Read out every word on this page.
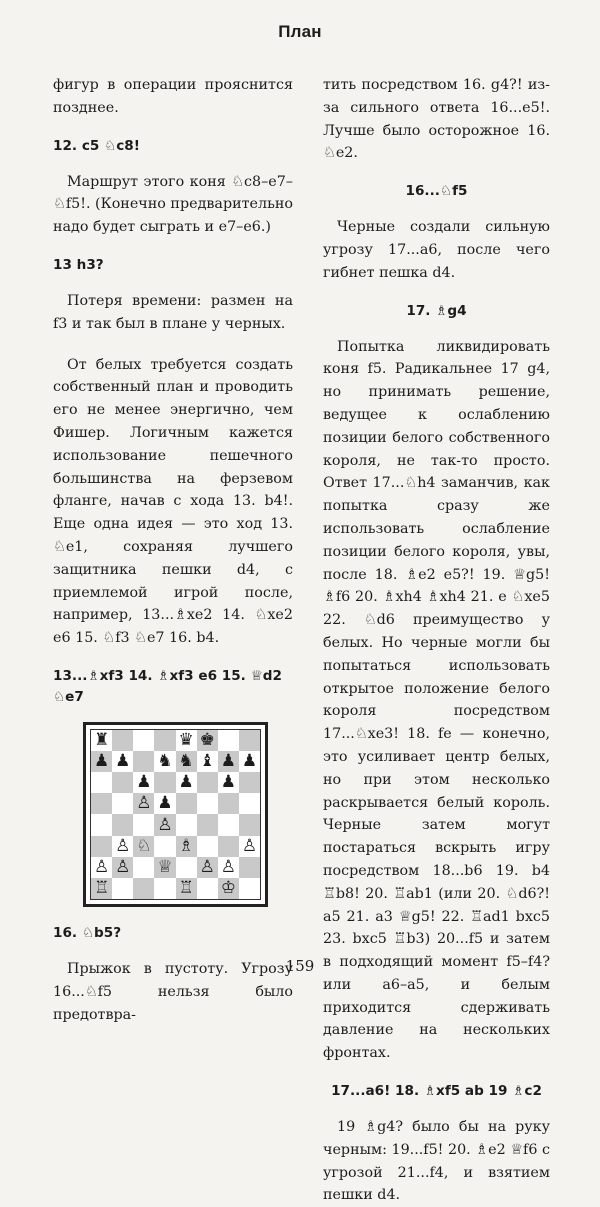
План

фигур в операции прояснится позднее.

12. c5 ♘c8!

Маршрут этого коня ♘c8–e7–♘f5!. (Конечно предварительно надо будет сыграть и е7–е6.)

13 h3?

Потеря времени: размен на f3 и так был в плане у черных.

От белых требуется создать собственный план и проводить его не менее энергично, чем Фишер. Логичным кажется использование пешечного большинства на ферзевом фланге, начав с хода 13. b4!. Еще одна идея — это ход 13. ♘e1, сохраняя лучшего защитника пешки d4, с приемлемой игрой после, например, 13...♗xe2 14. ♘xe2 e6 15. ♘f3 ♘e7 16. b4.

13...♗xf3 14. ♗xf3 e6 15. ♕d2 ♘e7
♜	♛ ♚
♟ ♟ ♞ ♞ ♝ ♟ ♟
♟ ♟ ♟
♙ ♟
♙
♙ ♘ ♗	♙
♙ ♙ ♕ ♙ ♙
♖	♖ ♔
16. ♘b5?

Прыжок в пустоту. Угрозу 16...♘f5 нельзя было предотвра-

тить посредством 16. g4?! из-за сильного ответа 16...e5!. Лучше было осторожное 16. ♘e2.

16...♘f5

Черные создали сильную угрозу 17...a6, после чего гибнет пешка d4.

17. ♗g4

Попытка ликвидировать коня f5. Радикальнее 17 g4, но принимать решение, ведущее к ослаблению позиции белого собственного короля, не так-то просто. Ответ 17...♘h4 заманчив, как попытка сразу же использовать ослабление позиции белого короля, увы, после 18. ♗e2 e5?! 19. ♕g5! ♗f6 20. ♗xh4 ♗xh4 21. e ♘xe5 22. ♘d6 преимущество у белых. Но черные могли бы попытаться использовать открытое положение белого короля посредством 17...♘xe3! 18. fe — конечно, это усиливает центр белых, но при этом несколько раскрывается белый король. Черные затем могут постараться вскрыть игру посредством 18...b6 19. b4 ♖b8! 20. ♖ab1 (или 20. ♘d6?! a5 21. a3 ♕g5! 22. ♖ad1 bxc5 23. bxc5 ♖b3) 20...f5 и затем в подходящий момент f5–f4? или a6–a5, и белым приходится сдерживать давление на нескольких фронтах.

17...a6! 18. ♗xf5 ab 19 ♗c2

19 ♗g4? было бы на руку черным: 19...f5! 20. ♗e2 ♕f6 с угрозой 21...f4, и взятием пешки d4.

159
